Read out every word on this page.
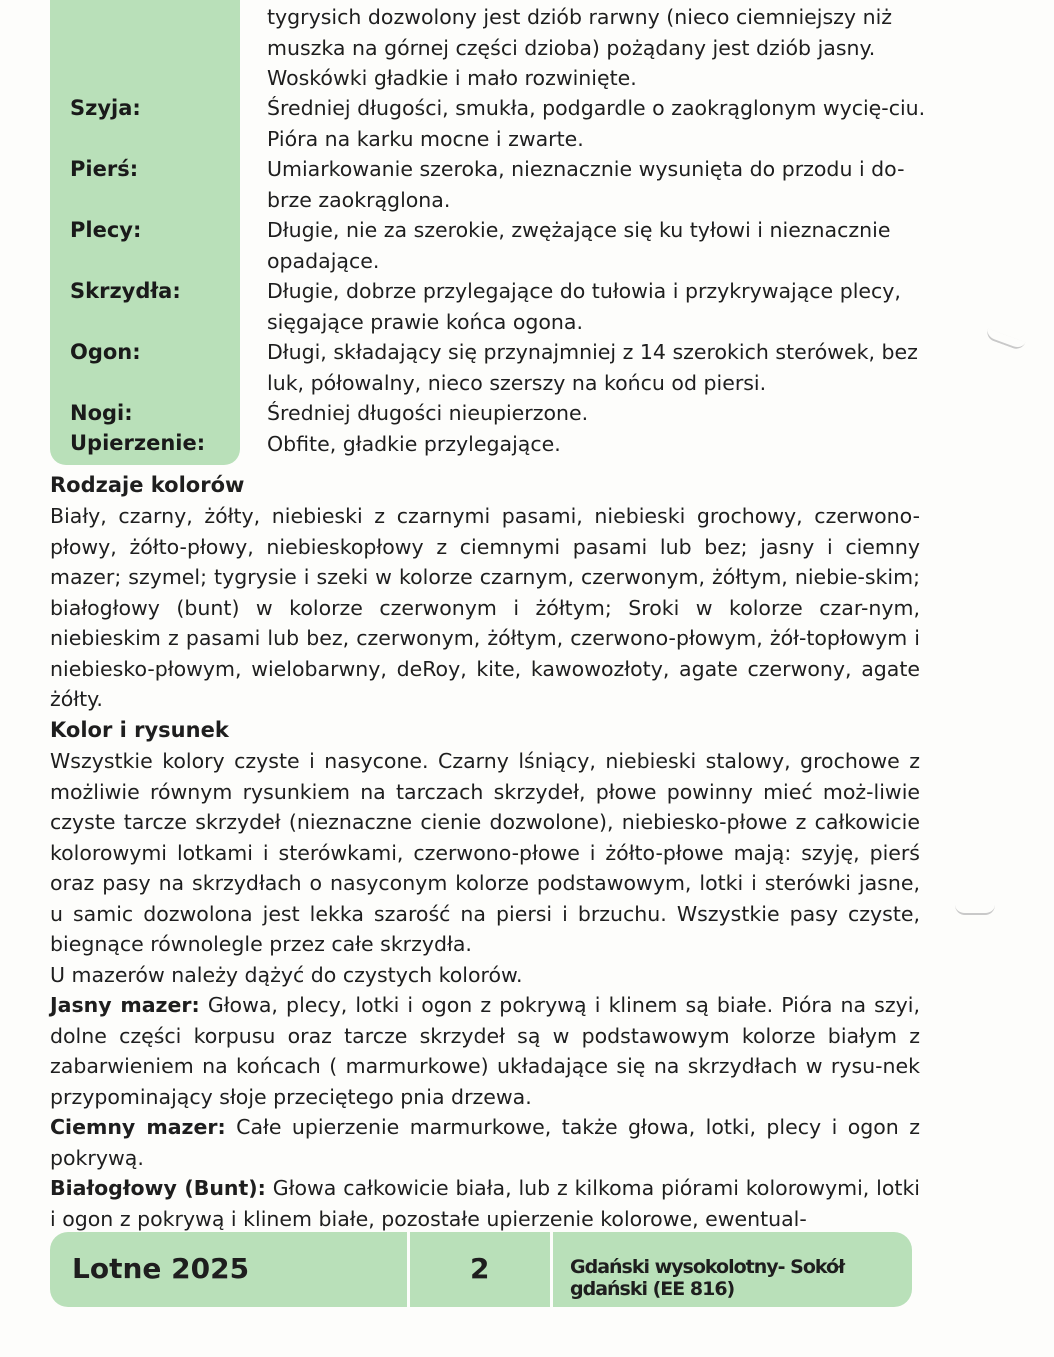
tygrysich dozwolony jest dziób rarwny (nieco ciemniejszy niż
muszka na górnej części dzioba) pożądany jest dziób jasny.
Woskówki gładkie i mało rozwinięte.
Szyja:	Średniej długości, smukła, podgardle o zaokrąglonym wycię-ciu. Pióra na karku mocne i zwarte.
Pierś:	Umiarkowanie szeroka, nieznacznie wysunięta do przodu i do-brze zaokrąglona.
Plecy:	Długie, nie za szerokie, zwężające się ku tyłowi i nieznacznie opadające.
Skrzydła:	Długie, dobrze przylegające do tułowia i przykrywające plecy, sięgające prawie końca ogona.
Ogon:	Długi, składający się przynajmniej z 14 szerokich sterówek, bez luk, półowalny, nieco szerszy na końcu od piersi.
Nogi:	Średniej długości nieupierzone.
Upierzenie:	Obfite, gładkie przylegające.
Rodzaje kolorów
Biały, czarny, żółty, niebieski z czarnymi pasami, niebieski grochowy, czerwono-płowy, żółto-płowy, niebieskopłowy z ciemnymi pasami lub bez; jasny i ciemny mazer; szymel; tygrysie i szeki w kolorze czarnym, czerwonym, żółtym, niebie-skim; białogłowy (bunt) w kolorze czerwonym i żółtym; Sroki w kolorze czar-nym, niebieskim z pasami lub bez, czerwonym, żółtym, czerwono-płowym, żół-topłowym i niebiesko-płowym, wielobarwny, deRoy, kite, kawowozłoty, agate czerwony, agate żółty.
Kolor i rysunek
Wszystkie kolory czyste i nasycone. Czarny lśniący, niebieski stalowy, grochowe z możliwie równym rysunkiem na tarczach skrzydeł, płowe powinny mieć moż-liwie czyste tarcze skrzydeł (nieznaczne cienie dozwolone), niebiesko-płowe z całkowicie kolorowymi lotkami i sterówkami, czerwono-płowe i żółto-płowe mają: szyję, pierś oraz pasy na skrzydłach o nasyconym kolorze podstawowym, lotki i sterówki jasne, u samic dozwolona jest lekka szarość na piersi i brzuchu. Wszystkie pasy czyste, biegnące równolegle przez całe skrzydła.
U mazerów należy dążyć do czystych kolorów.
Jasny mazer: Głowa, plecy, lotki i ogon z pokrywą i klinem są białe. Pióra na szyi, dolne części korpusu oraz tarcze skrzydeł są w podstawowym kolorze białym z zabarwieniem na końcach ( marmurkowe) układające się na skrzydłach w rysu-nek przypominający słoje przeciętego pnia drzewa.
Ciemny mazer: Całe upierzenie marmurkowe, także głowa, lotki, plecy i ogon z pokrywą.
Białogłowy (Bunt): Głowa całkowicie biała, lub z kilkoma piórami kolorowymi, lotki i ogon z pokrywą i klinem białe, pozostałe upierzenie kolorowe, ewentual-
Lotne 2025	2	Gdański wysokolotny- Sokół gdański (EE 816)
